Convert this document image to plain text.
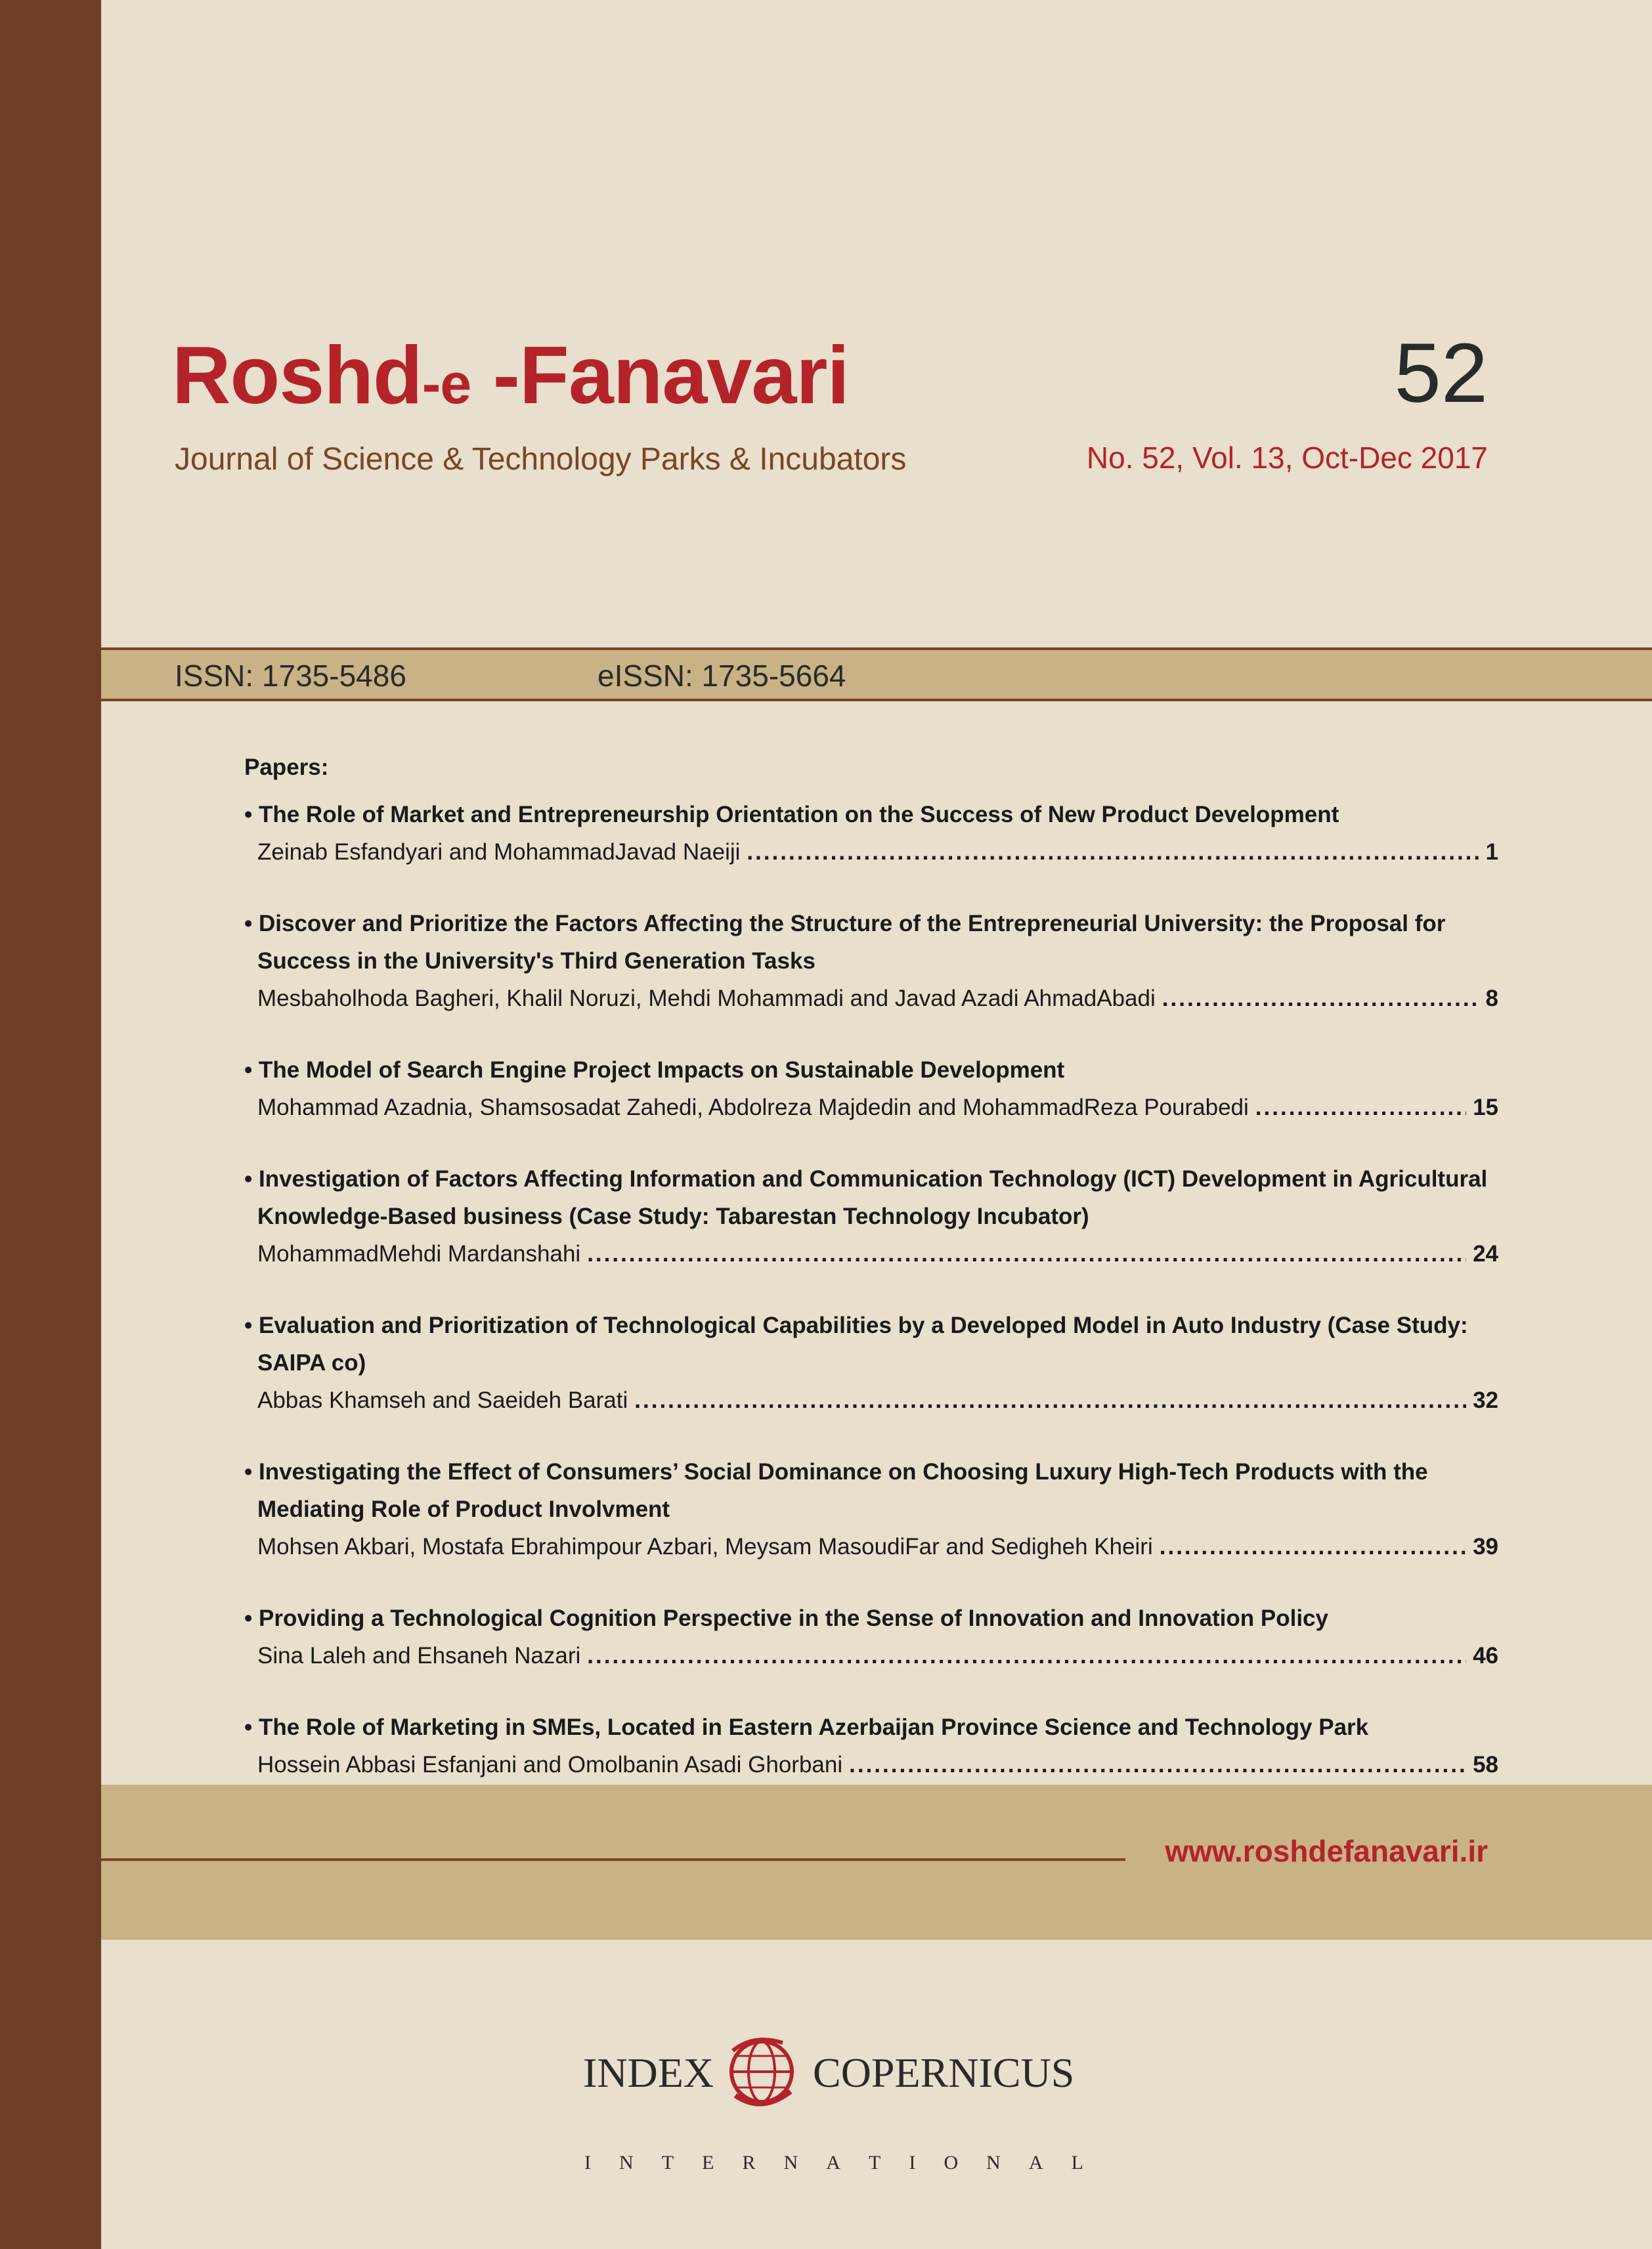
Roshd-e -Fanavari
Journal of Science & Technology Parks & Incubators
52
No. 52, Vol. 13, Oct-Dec 2017
ISSN: 1735-5486	eISSN: 1735-5664
Papers:
• The Role of Market and Entrepreneurship Orientation on the Success of New Product Development
Zeinab Esfandyari and MohammadJavad Naeiji .....	1
• Discover and Prioritize the Factors Affecting the Structure of the Entrepreneurial University: the Proposal for Success in the University's Third Generation Tasks
Mesbaholhoda Bagheri, Khalil Noruzi, Mehdi Mohammadi and Javad Azadi AhmadAbadi .....	8
• The Model of Search Engine Project Impacts on Sustainable Development
Mohammad Azadnia, Shamsosadat Zahedi, Abdolreza Majdedin and MohammadReza Pourabedi .....	15
• Investigation of Factors Affecting Information and Communication Technology (ICT) Development in Agricultural Knowledge-Based business (Case Study: Tabarestan Technology Incubator)
MohammadMehdi Mardanshahi .....	24
• Evaluation and Prioritization of Technological Capabilities by a Developed Model in Auto Industry (Case Study: SAIPA co)
Abbas Khamseh and Saeideh Barati .....	32
• Investigating the Effect of Consumers’ Social Dominance on Choosing Luxury High-Tech Products with the Mediating Role of Product Involvment
Mohsen Akbari, Mostafa Ebrahimpour Azbari, Meysam MasoudiFar and Sedigheh Kheiri .....	39
• Providing a Technological Cognition Perspective in the Sense of Innovation and Innovation Policy
Sina Laleh and Ehsaneh Nazari .....	46
• The Role of Marketing in SMEs, Located in Eastern Azerbaijan Province Science and Technology Park
Hossein Abbasi Esfanjani and Omolbanin Asadi Ghorbani .....	58
www.roshdefanavari.ir
INDEX COPERNICUS
I N T E R N A T I O N A L
